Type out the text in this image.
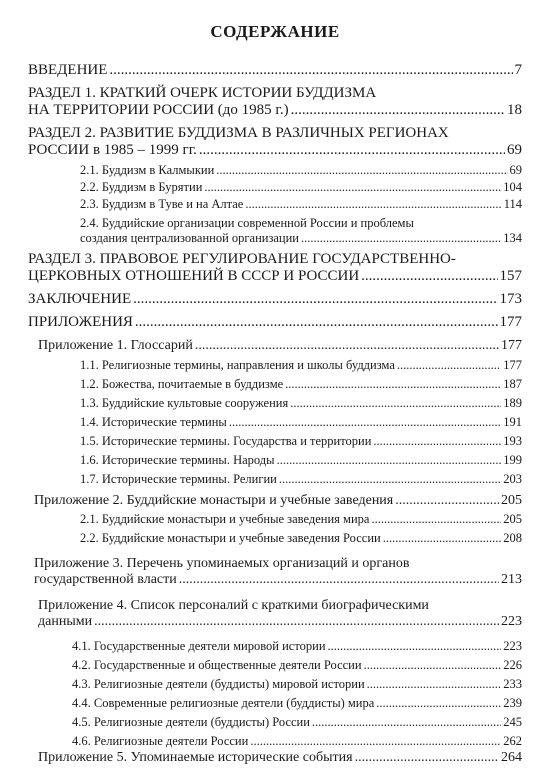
СОДЕРЖАНИЕ
ВВЕДЕНИЕ .....	7
РАЗДЕЛ 1. КРАТКИЙ ОЧЕРК ИСТОРИИ БУДДИЗМА
НА ТЕРРИТОРИИ РОССИИ (до 1985 г.) .....	18
РАЗДЕЛ 2. РАЗВИТИЕ БУДДИЗМА В РАЗЛИЧНЫХ РЕГИОНАХ
РОССИИ в 1985 – 1999 гг. .....	69
2.1. Буддизм в Калмыкии .....	69
2.2. Буддизм в Бурятии .....	104
2.3. Буддизм в Туве и на Алтае .....	114
2.4. Буддийские организации современной России и проблемы
создания централизованной организации .....	134
РАЗДЕЛ 3. ПРАВОВОЕ РЕГУЛИРОВАНИЕ ГОСУДАРСТВЕННО-
ЦЕРКОВНЫХ ОТНОШЕНИЙ В СССР И РОССИИ .....	157
ЗАКЛЮЧЕНИЕ .....	173
ПРИЛОЖЕНИЯ .....	177
Приложение 1. Глоссарий .....	177
1.1. Религиозные термины, направления и школы буддизма .....	177
1.2. Божества, почитаемые в буддизме .....	187
1.3. Буддийские культовые сооружения .....	189
1.4. Исторические термины .....	191
1.5. Исторические термины. Государства и территории .....	193
1.6. Исторические термины. Народы .....	199
1.7. Исторические термины. Религии .....	203
Приложение 2. Буддийские монастыри и учебные заведения .....	205
2.1. Буддийские монастыри и учебные заведения мира .....	205
2.2. Буддийские монастыри и учебные заведения России .....	208
Приложение 3. Перечень упоминаемых организаций и органов
государственной власти .....	213
Приложение 4. Список персоналий с краткими биографическими
данными .....	223
4.1. Государственные деятели мировой истории .....	223
4.2. Государственные и общественные деятели России .....	226
4.3. Религиозные деятели (буддисты) мировой истории .....	233
4.4. Современные религиозные деятели (буддисты) мира .....	239
4.5. Религиозные деятели (буддисты) России .....	245
4.6. Религиозные деятели России .....	262
Приложение 5. Упоминаемые исторические события .....	264
